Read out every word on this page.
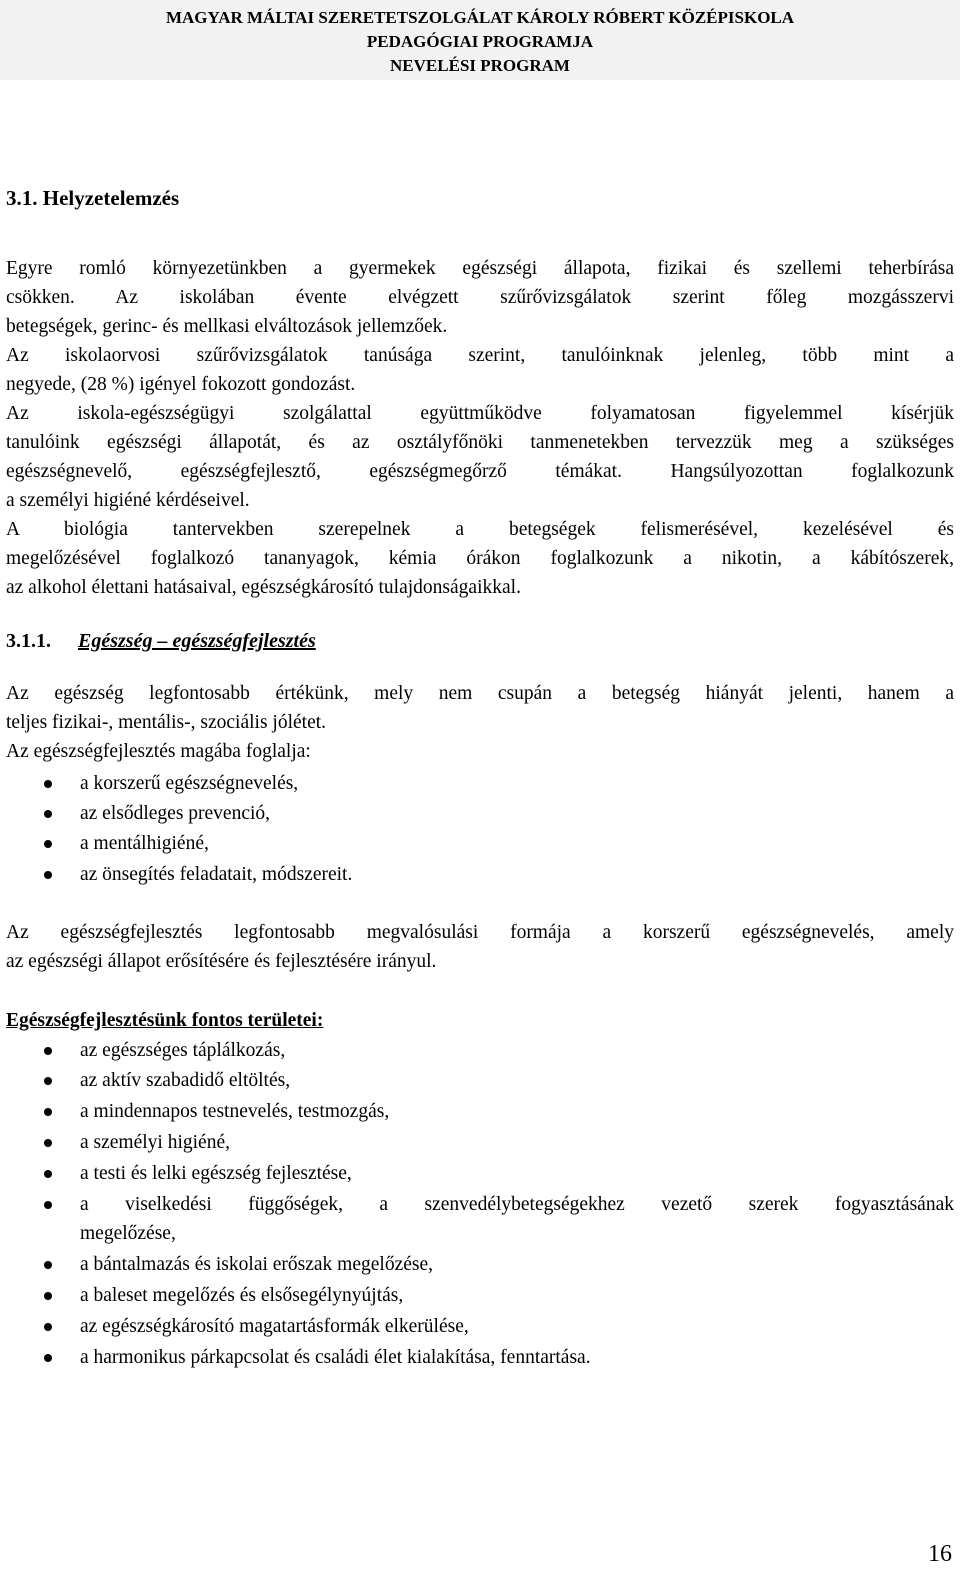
MAGYAR MÁLTAI SZERETETSZOLGÁLAT KÁROLY RÓBERT KÖZÉPISKOLA
PEDAGÓGIAI PROGRAMJA
NEVELÉSI PROGRAM
3.1. Helyzetelemzés
Egyre romló környezetünkben a gyermekek egészségi állapota, fizikai és szellemi teherbírása
csökken. Az iskolában évente elvégzett szűrővizsgálatok szerint főleg mozgásszervi
betegségek, gerinc- és mellkasi elváltozások jellemzőek.
Az iskolaorvosi szűrővizsgálatok tanúsága szerint, tanulóinknak jelenleg, több mint a
negyede, (28 %) igényel fokozott gondozást.
Az iskola-egészségügyi szolgálattal együttműködve folyamatosan figyelemmel kísérjük
tanulóink egészségi állapotát, és az osztályfőnöki tanmenetekben tervezzük meg a szükséges
egészségnevelő, egészségfejlesztő, egészségmegőrző témákat. Hangsúlyozottan foglalkozunk
a személyi higiéné kérdéseivel.
A biológia tantervekben szerepelnek a betegségek felismerésével, kezelésével és
megelőzésével foglalkozó tananyagok, kémia órákon foglalkozunk a nikotin, a kábítószerek,
az alkohol élettani hatásaival, egészségkárosító tulajdonságaikkal.
3.1.1. Egészség – egészségfejlesztés
Az egészség legfontosabb értékünk, mely nem csupán a betegség hiányát jelenti, hanem a
teljes fizikai-, mentális-, szociális jólétet.
Az egészségfejlesztés magába foglalja:
a korszerű egészségnevelés,
az elsődleges prevenció,
a mentálhigiéné,
az önsegítés feladatait, módszereit.
Az egészségfejlesztés legfontosabb megvalósulási formája a korszerű egészségnevelés, amely
az egészségi állapot erősítésére és fejlesztésére irányul.
Egészségfejlesztésünk fontos területei:
az egészséges táplálkozás,
az aktív szabadidő eltöltés,
a mindennapos testnevelés, testmozgás,
a személyi higiéné,
a testi és lelki egészség fejlesztése,
a viselkedési függőségek, a szenvedélybetegségekhez vezető szerek fogyasztásának
megelőzése,
a bántalmazás és iskolai erőszak megelőzése,
a baleset megelőzés és elsősegélynyújtás,
az egészségkárosító magatartásformák elkerülése,
a harmonikus párkapcsolat és családi élet kialakítása, fenntartása.
16
